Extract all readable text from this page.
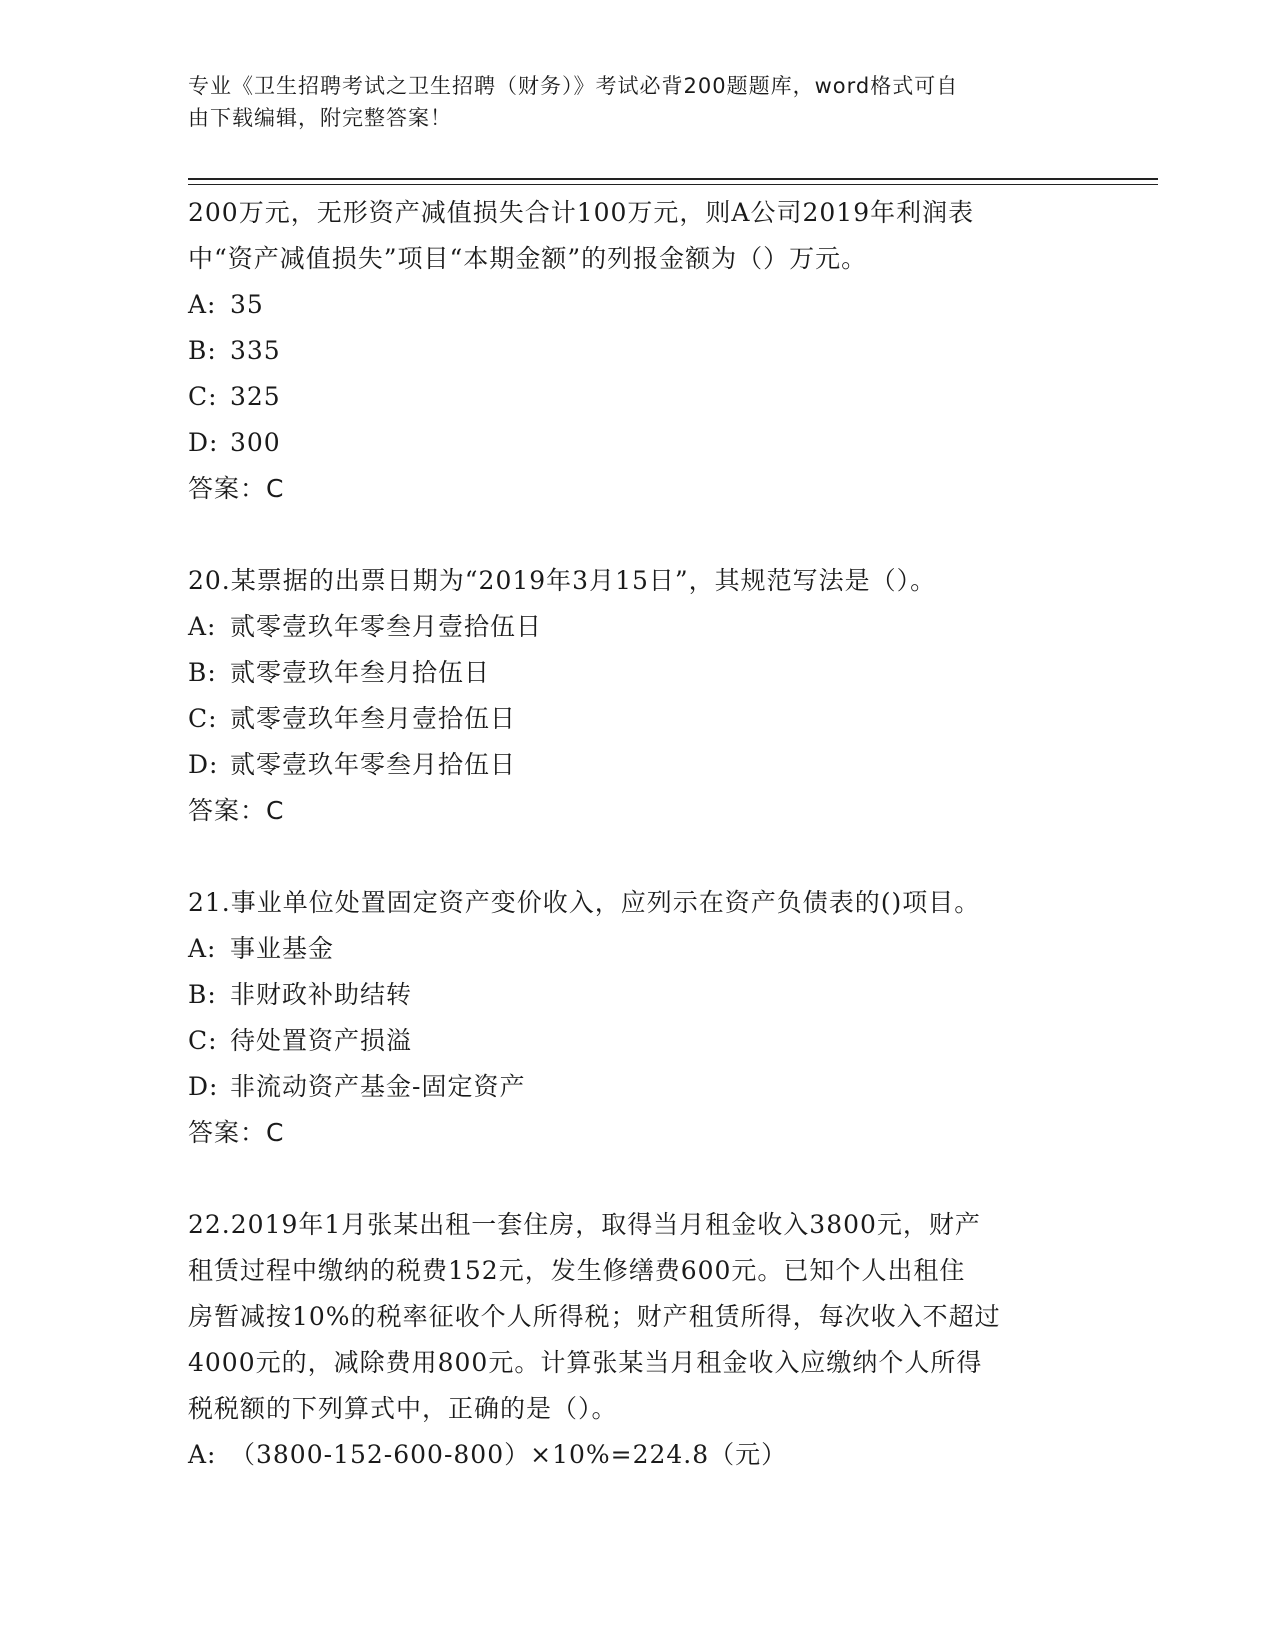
专业《卫生招聘考试之卫生招聘（财务）》考试必背200题题库，word格式可自
由下载编辑，附完整答案！
200万元，无形资产减值损失合计100万元，则A公司2019年利润表
中“资产减值损失”项目“本期金额”的列报金额为（）万元。
A: 35
B: 335
C: 325
D: 300
答案：C
20.某票据的出票日期为“2019年3月15日”，其规范写法是（）。
A: 贰零壹玖年零叁月壹拾伍日
B: 贰零壹玖年叁月拾伍日
C: 贰零壹玖年叁月壹拾伍日
D: 贰零壹玖年零叁月拾伍日
答案：C
21.事业单位处置固定资产变价收入，应列示在资产负债表的()项目。
A: 事业基金
B: 非财政补助结转
C: 待处置资产损溢
D: 非流动资产基金-固定资产
答案：C
22.2019年1月张某出租一套住房，取得当月租金收入3800元，财产
租赁过程中缴纳的税费152元，发生修缮费600元。已知个人出租住
房暂减按10%的税率征收个人所得税；财产租赁所得，每次收入不超过
4000元的，减除费用800元。计算张某当月租金收入应缴纳个人所得
税税额的下列算式中，正确的是（）。
A: （3800-152-600-800）×10%=224.8（元）
